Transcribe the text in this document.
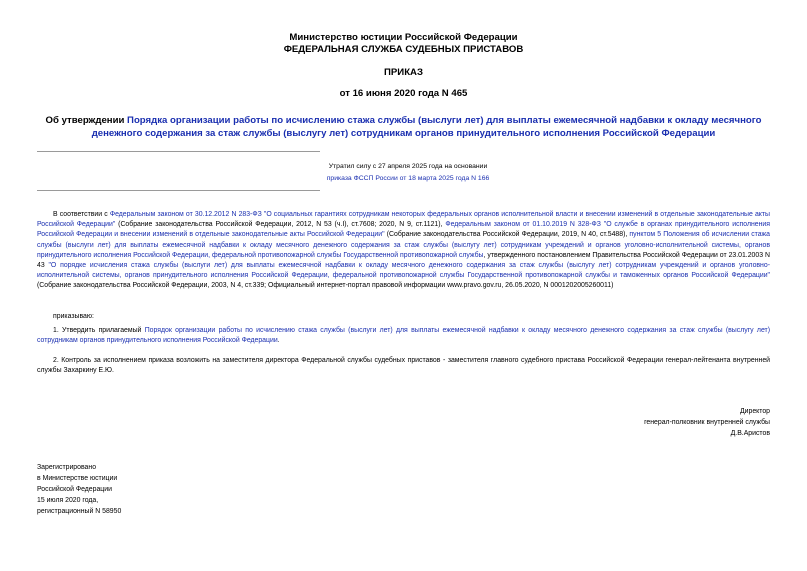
Министерство юстиции Российской Федерации
ФЕДЕРАЛЬНАЯ СЛУЖБА СУДЕБНЫХ ПРИСТАВОВ
ПРИКАЗ
от 16 июня 2020 года N 465
Об утверждении Порядка организации работы по исчислению стажа службы (выслуги лет) для выплаты ежемесячной надбавки к окладу месячного денежного содержания за стаж службы (выслугу лет) сотрудникам органов принудительного исполнения Российской Федерации
Утратил силу с 27 апреля 2025 года на основании
приказа ФССП России от 18 марта 2025 года N 166
В соответствии с Федеральным законом от 30.12.2012 N 283-ФЗ "О социальных гарантиях сотрудникам некоторых федеральных органов исполнительной власти и внесении изменений в отдельные законодательные акты Российской Федерации" (Собрание законодательства Российской Федерации, 2012, N 53 (ч.I), ст.7608; 2020, N 9, ст.1121), Федеральным законом от 01.10.2019 N 328-ФЗ "О службе в органах принудительного исполнения Российской Федерации и внесении изменений в отдельные законодательные акты Российской Федерации" (Собрание законодательства Российской Федерации, 2019, N 40, ст.5488), пунктом 5 Положения об исчислении стажа службы (выслуги лет) для выплаты ежемесячной надбавки к окладу месячного денежного содержания за стаж службы (выслугу лет) сотрудникам учреждений и органов уголовно-исполнительной системы, органов принудительного исполнения Российской Федерации, федеральной противопожарной службы Государственной противопожарной службы, утвержденного постановлением Правительства Российской Федерации от 23.01.2003 N 43 "О порядке исчисления стажа службы (выслуги лет) для выплаты ежемесячной надбавки к окладу месячного денежного содержания за стаж службы (выслугу лет) сотрудникам учреждений и органов уголовно-исполнительной системы, органов принудительного исполнения Российской Федерации, федеральной противопожарной службы Государственной противопожарной службы и таможенных органов Российской Федерации" (Собрание законодательства Российской Федерации, 2003, N 4, ст.339; Официальный интернет-портал правовой информации www.pravo.gov.ru, 26.05.2020, N 0001202005260011)
приказываю:
1. Утвердить прилагаемый Порядок организации работы по исчислению стажа службы (выслуги лет) для выплаты ежемесячной надбавки к окладу месячного денежного содержания за стаж службы (выслугу лет) сотрудникам органов принудительного исполнения Российской Федерации.
2. Контроль за исполнением приказа возложить на заместителя директора Федеральной службы судебных приставов - заместителя главного судебного пристава Российской Федерации генерал-лейтенанта внутренней службы Захаркину Е.Ю.
Директор
генерал-полковник внутренней службы
Д.В.Аристов
Зарегистрировано
в Министерстве юстиции
Российской Федерации
15 июля 2020 года,
регистрационный N 58950
